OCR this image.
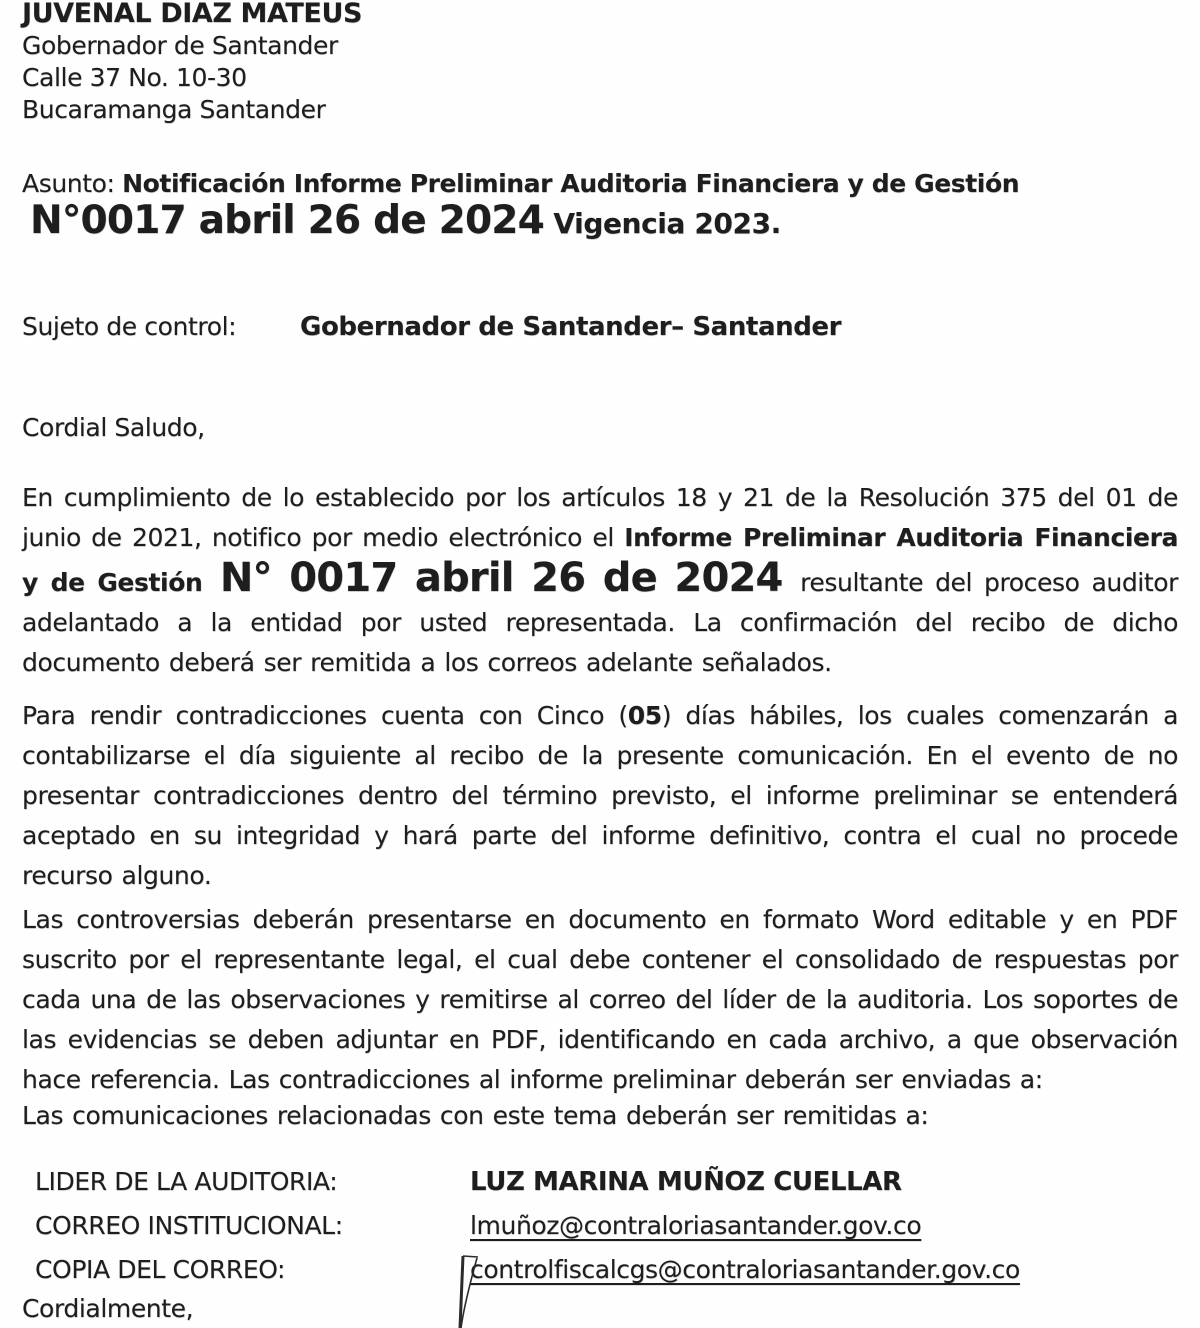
JUVENAL DIAZ MATEUS
Gobernador de Santander
Calle 37 No. 10-30
Bucaramanga Santander
Asunto: Notificación Informe Preliminar Auditoria Financiera y de Gestión
N°0017 abril 26 de 2024 Vigencia 2023.
Sujeto de control: Gobernador de Santander– Santander
Cordial Saludo,

En cumplimiento de lo establecido por los artículos 18 y 21 de la Resolución 375 del 01 de junio de 2021, notifico por medio electrónico el Informe Preliminar Auditoria Financiera y de Gestión N° 0017 abril 26 de 2024 resultante del proceso auditor adelantado a la entidad por usted representada. La confirmación del recibo de dicho documento deberá ser remitida a los correos adelante señalados.

Para rendir contradicciones cuenta con Cinco (05) días hábiles, los cuales comenzarán a contabilizarse el día siguiente al recibo de la presente comunicación. En el evento de no presentar contradicciones dentro del término previsto, el informe preliminar se entenderá aceptado en su integridad y hará parte del informe definitivo, contra el cual no procede recurso alguno.

Las controversias deberán presentarse en documento en formato Word editable y en PDF suscrito por el representante legal, el cual debe contener el consolidado de respuestas por cada una de las observaciones y remitirse al correo del líder de la auditoria. Los soportes de las evidencias se deben adjuntar en PDF, identificando en cada archivo, a que observación hace referencia. Las contradicciones al informe preliminar deberán ser enviadas a:

Las comunicaciones relacionadas con este tema deberán ser remitidas a:

LIDER DE LA AUDITORIA:	LUZ MARINA MUÑOZ CUELLAR
CORREO INSTITUCIONAL:	lmuñoz@contraloriasantander.gov.co
COPIA DEL CORREO:	controlfiscalcgs@contraloriasantander.gov.co
Cordialmente,
